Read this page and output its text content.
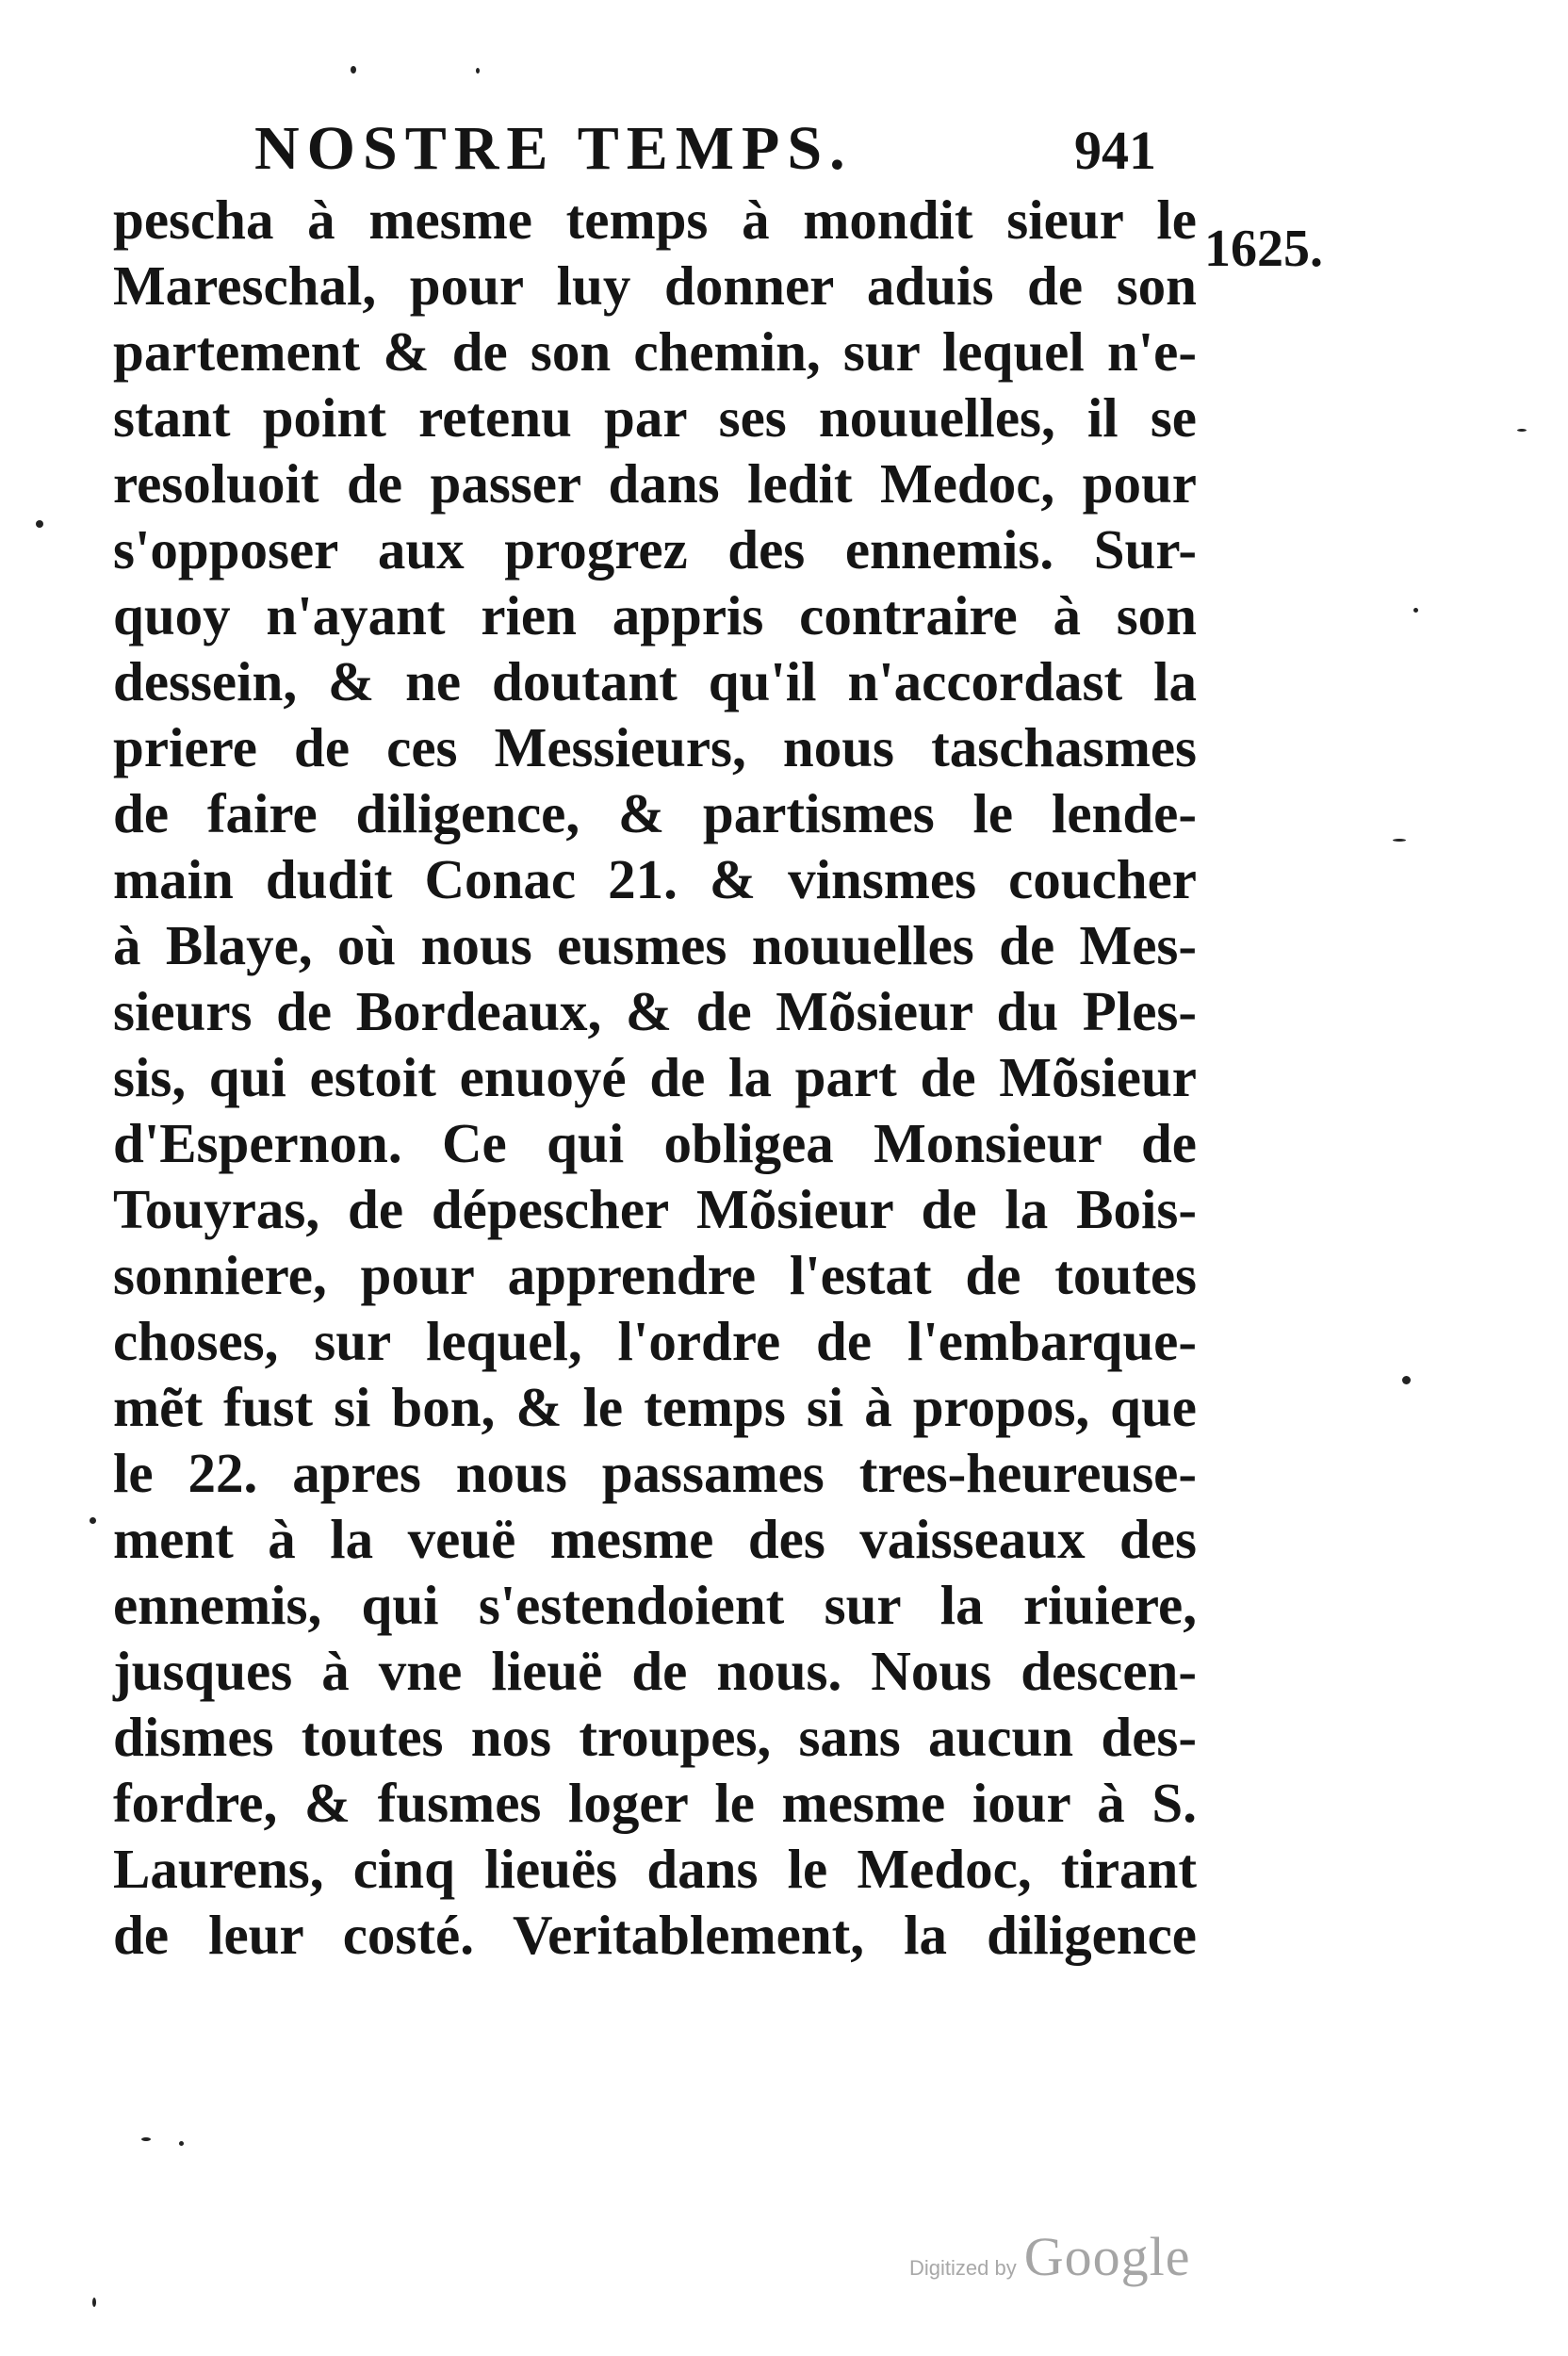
NOSTRE TEMPS.	941
1625.
pescha à mesme temps à mondit sieur le
Mareschal, pour luy donner aduis de son
partement & de son chemin, sur lequel n'e-
stant point retenu par ses nouuelles, il se
resoluoit de passer dans ledit Medoc, pour
s'opposer aux progrez des ennemis. Sur-
quoy n'ayant rien appris contraire à son
dessein, & ne doutant qu'il n'accordast la
priere de ces Messieurs, nous taschasmes
de faire diligence, & partismes le lende-
main dudit Conac 21. & vinsmes coucher
à Blaye, où nous eusmes nouuelles de Mes-
sieurs de Bordeaux, & de Mõsieur du Ples-
sis, qui estoit enuoyé de la part de Mõsieur
d'Espernon. Ce qui obligea Monsieur de
Touyras, de dépescher Mõsieur de la Bois-
sonniere, pour apprendre l'estat de toutes
choses, sur lequel, l'ordre de l'embarque-
mẽt fust si bon, & le temps si à propos, que
le 22. apres nous passames tres-heureuse-
ment à la veuë mesme des vaisseaux des
ennemis, qui s'estendoient sur la riuiere,
jusques à vne lieuë de nous. Nous descen-
dismes toutes nos troupes, sans aucun des-
fordre, & fusmes loger le mesme iour à S.
Laurens, cinq lieuës dans le Medoc, tirant
de leur costé. Veritablement, la diligence
Digitized by Google
